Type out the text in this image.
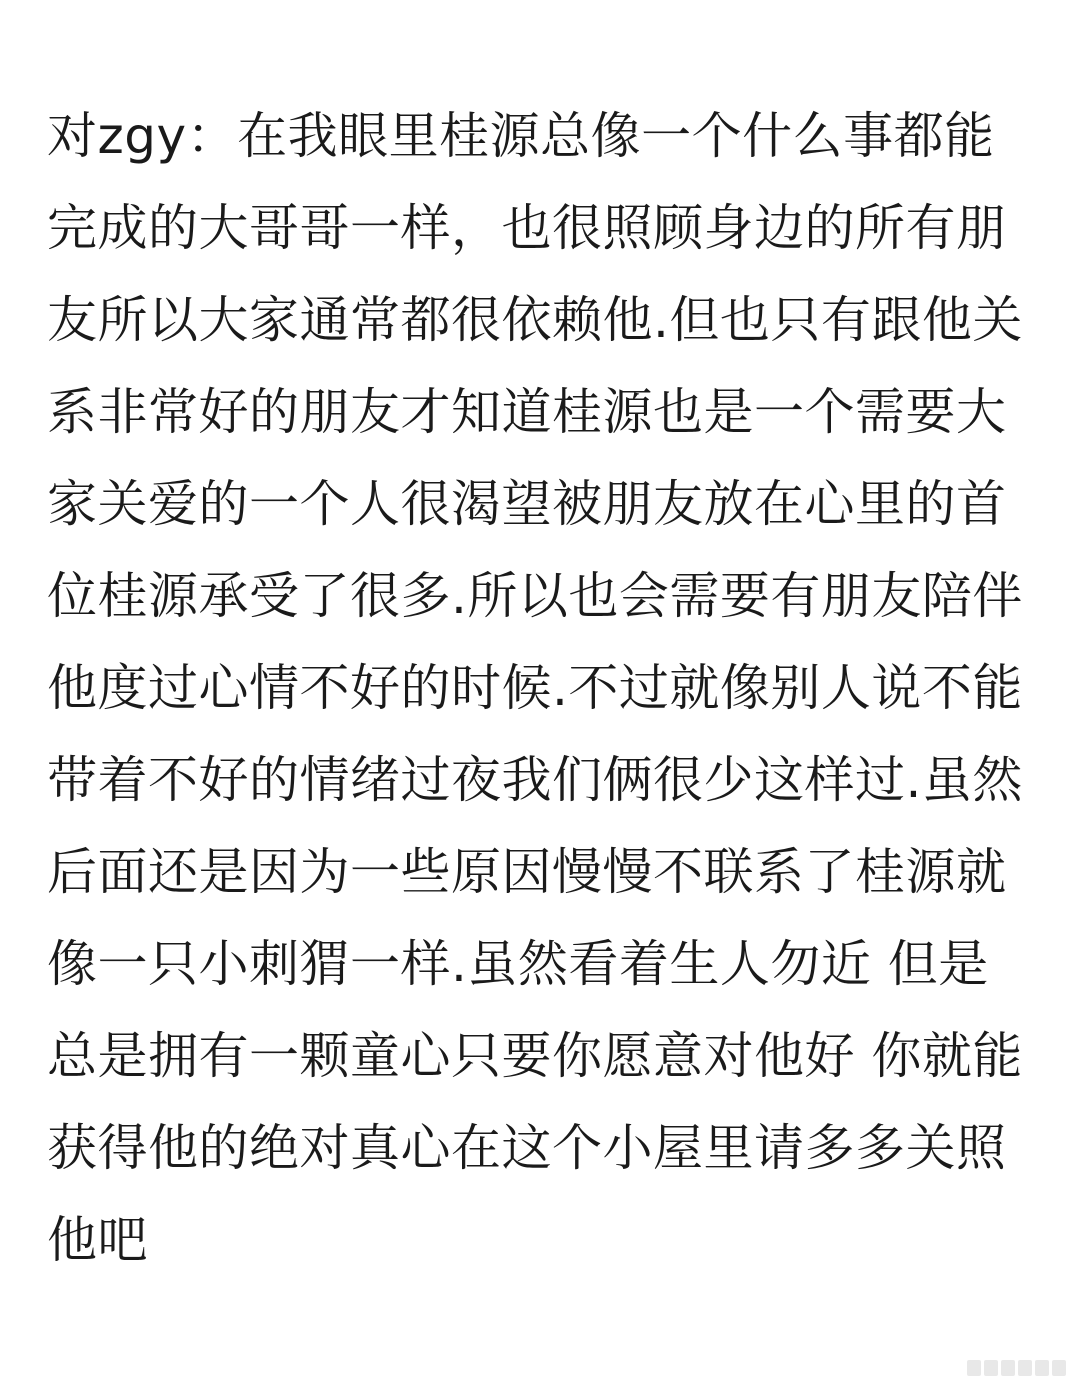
对zgy：在我眼里桂源总像一个什么事都能
完成的大哥哥一样，也很照顾身边的所有朋
友所以大家通常都很依赖他.但也只有跟他关
系非常好的朋友才知道桂源也是一个需要大
家关爱的一个人很渴望被朋友放在心里的首
位桂源承受了很多.所以也会需要有朋友陪伴
他度过心情不好的时候.不过就像别人说不能
带着不好的情绪过夜我们俩很少这样过.虽然
后面还是因为一些原因慢慢不联系了桂源就
像一只小刺猬一样.虽然看着生人勿近 但是
总是拥有一颗童心只要你愿意对他好 你就能
获得他的绝对真心在这个小屋里请多多关照
他吧
